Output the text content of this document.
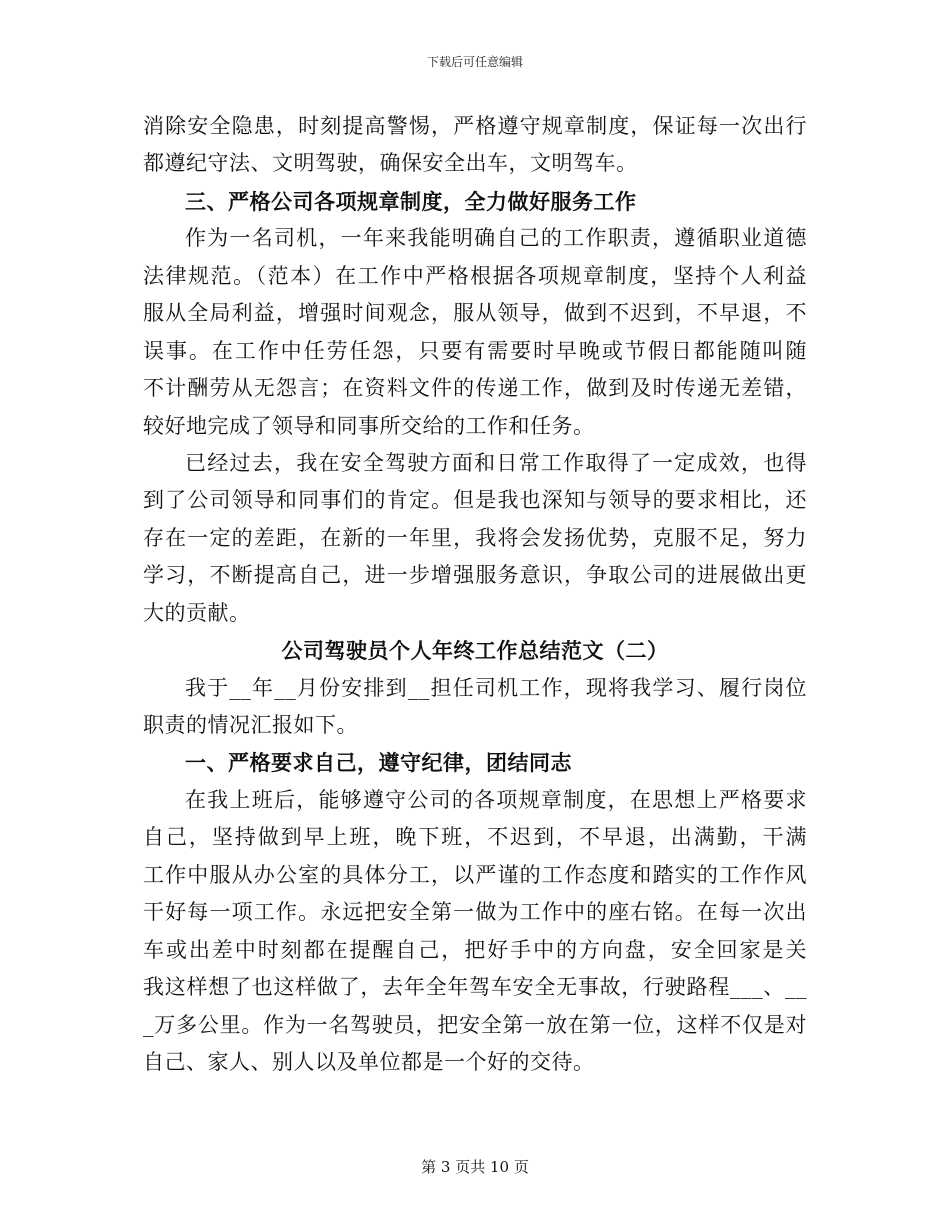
下载后可任意编辑
消除安全隐患，时刻提高警惕，严格遵守规章制度，保证每一次出行
都遵纪守法、文明驾驶，确保安全出车，文明驾车。
三、严格公司各项规章制度，全力做好服务工作
作为一名司机，一年来我能明确自己的工作职责，遵循职业道德
法律规范。（范本）在工作中严格根据各项规章制度，坚持个人利益
服从全局利益，增强时间观念，服从领导，做到不迟到，不早退，不
误事。在工作中任劳任怨，只要有需要时早晚或节假日都能随叫随
不计酬劳从无怨言；在资料文件的传递工作，做到及时传递无差错，
较好地完成了领导和同事所交给的工作和任务。
已经过去，我在安全驾驶方面和日常工作取得了一定成效，也得
到了公司领导和同事们的肯定。但是我也深知与领导的要求相比，还
存在一定的差距，在新的一年里，我将会发扬优势，克服不足，努力
学习，不断提高自己，进一步增强服务意识，争取公司的进展做出更
大的贡献。
公司驾驶员个人年终工作总结范文（二）
我于__年__月份安排到__担任司机工作，现将我学习、履行岗位
职责的情况汇报如下。
一、严格要求自己，遵守纪律，团结同志
在我上班后，能够遵守公司的各项规章制度，在思想上严格要求
自己，坚持做到早上班，晚下班，不迟到，不早退，出满勤，干满
工作中服从办公室的具体分工，以严谨的工作态度和踏实的工作作风
干好每一项工作。永远把安全第一做为工作中的座右铭。在每一次出
车或出差中时刻都在提醒自己，把好手中的方向盘，安全回家是关
我这样想了也这样做了，去年全年驾车安全无事故，行驶路程___、__
_万多公里。作为一名驾驶员，把安全第一放在第一位，这样不仅是对
自己、家人、别人以及单位都是一个好的交待。
第 3 页共 10 页
